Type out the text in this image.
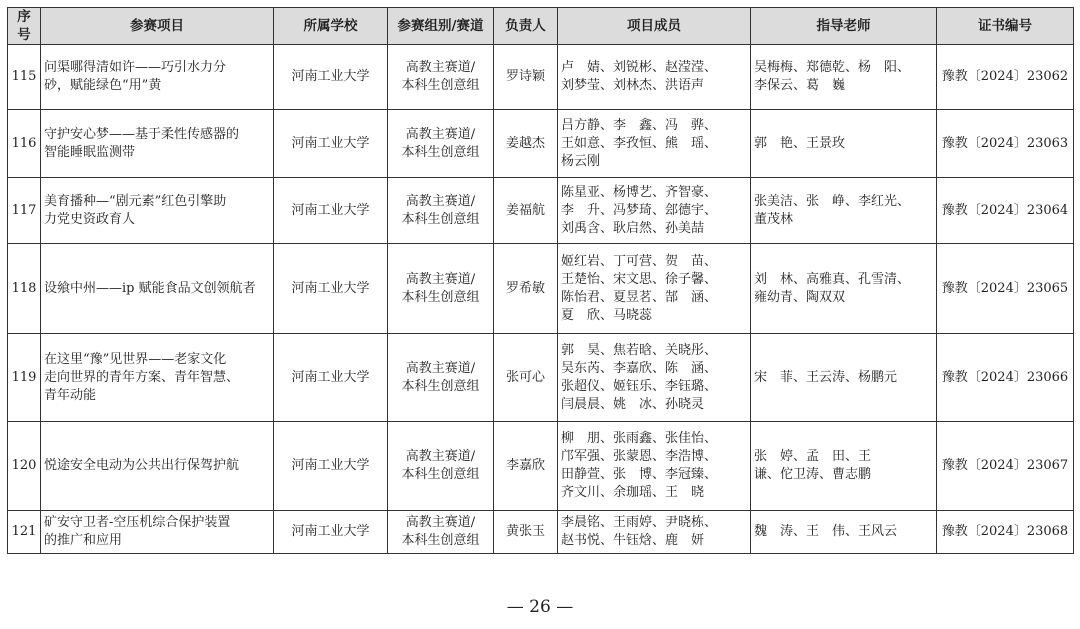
序号	参赛项目	所属学校	参赛组别/赛道	负责人	项目成员	指导老师	证书编号
115	问渠哪得清如许——巧引水力分
砂，赋能绿色“用”黄	河南工业大学	高教主赛道/
本科生创意组	罗诗颖	卢　婧、刘锐彬、赵滢滢、
刘梦莹、刘林杰、洪语声	吴梅梅、郑德乾、杨　阳、
李保云、葛　巍	豫教〔2024〕23062
116	守护安心梦——基于柔性传感器的
智能睡眠监测带	河南工业大学	高教主赛道/
本科生创意组	姜越杰	吕方静、李　鑫、冯　骅、
王如意、李孜恒、熊　瑶、
杨云刚	郭　艳、王景玫	豫教〔2024〕23063
117	美育播种—“剧元素”红色引擎助
力党史资政育人	河南工业大学	高教主赛道/
本科生创意组	姜福航	陈星亚、杨博艺、齐智豪、
李　升、冯梦琦、郐德宇、
刘禹含、耿启然、孙美喆	张美洁、张　峥、李红光、
董茂林	豫教〔2024〕23064
118	设飨中州——ip 赋能食品文创领航者	河南工业大学	高教主赛道/
本科生创意组	罗希敏	姬红岩、丁可营、贺　苗、
王楚怡、宋文思、徐子馨、
陈怡君、夏昱茗、郜　涵、
夏　欣、马晓蕊	刘　林、高雅真、孔雪清、
雍幼青、陶双双	豫教〔2024〕23065
119	在这里“豫”见世界——老家文化
走向世界的青年方案、青年智慧、
青年动能	河南工业大学	高教主赛道/
本科生创意组	张可心	郭　昊、焦若晗、关晓彤、
吴东芮、李嘉欣、陈　涵、
张超仪、姬钰乐、李钰璐、
闫晨晨、姚　冰、孙晓灵	宋　菲、王云涛、杨鹏元	豫教〔2024〕23066
120	悦途安全电动为公共出行保驾护航	河南工业大学	高教主赛道/
本科生创意组	李嘉欣	柳　朋、张雨鑫、张佳怡、
邝军强、张蒙恩、李浩博、
田静萱、张　博、李冠臻、
齐文川、余珈瑶、王　晓	张　婷、孟　田、王
谦、佗卫涛、曹志鹏	豫教〔2024〕23067
121	矿安守卫者-空压机综合保护装置
的推广和应用	河南工业大学	高教主赛道/
本科生创意组	黄张玉	李晨铭、王雨婷、尹晓栋、
赵书悦、牛钰焓、鹿　妍	魏　涛、王　伟、王风云	豫教〔2024〕23068
— 26 —
